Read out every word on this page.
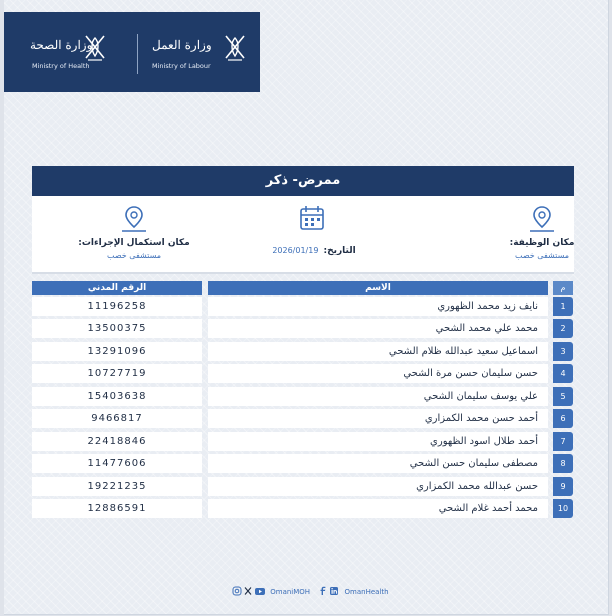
وزارة العمل
Ministry of Labour
وزارة الصحة
Ministry of Health
ممرض- ذكر
مكان الوظيفة:
مستشفى خصب
التاريخ: 2026/01/19
مكان استكمال الإجراءات:
مستشفى خصب
الرقم المدني	الاسم	م
11196258	نايف زيد محمد الظهوري	1
13500375	محمد علي محمد الشحي	2
13291096	اسماعيل سعيد عبدالله ظلام الشحي	3
10727719	حسن سليمان حسن مرة الشحي	4
15403638	علي يوسف سليمان الشحي	5
9466817	أحمد حسن محمد الكمزاري	6
22418846	أحمد طلال اسود الظهوري	7
11477606	مصطفى سليمان حسن الشحي	8
19221235	حسن عبدالله محمد الكمزاري	9
12886591	محمد أحمد غلام الشحي	10
OmaniMOH	OmanHealth
